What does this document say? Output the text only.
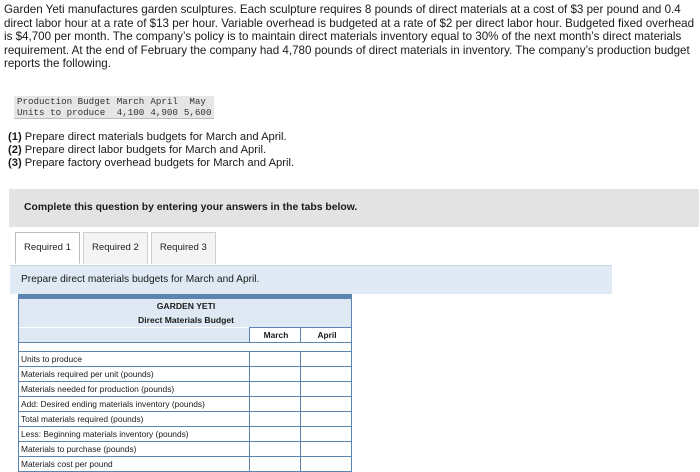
Garden Yeti manufactures garden sculptures. Each sculpture requires 8 pounds of direct materials at a cost of $3 per pound and 0.4 direct labor hour at a rate of $13 per hour. Variable overhead is budgeted at a rate of $2 per direct labor hour. Budgeted fixed overhead is $4,700 per month. The company’s policy is to maintain direct materials inventory equal to 30% of the next month’s direct materials requirement. At the end of February the company had 4,780 pounds of direct materials in inventory. The company’s production budget reports the following.
Production Budget	March	April	May
Units to produce	4,100	4,900	5,600
(1) Prepare direct materials budgets for March and April.
(2) Prepare direct labor budgets for March and April.
(3) Prepare factory overhead budgets for March and April.
Complete this question by entering your answers in the tabs below.
Required 1	Required 2	Required 3
Prepare direct materials budgets for March and April.

GARDEN YETI		
Direct Materials Budget		
	March	April

Units to produce		
Materials required per unit (pounds)		
Materials needed for production (pounds)		
Add: Desired ending materials inventory (pounds)		
Total materials required (pounds)		
Less: Beginning materials inventory (pounds)		
Materials to purchase (pounds)		
Materials cost per pound		
